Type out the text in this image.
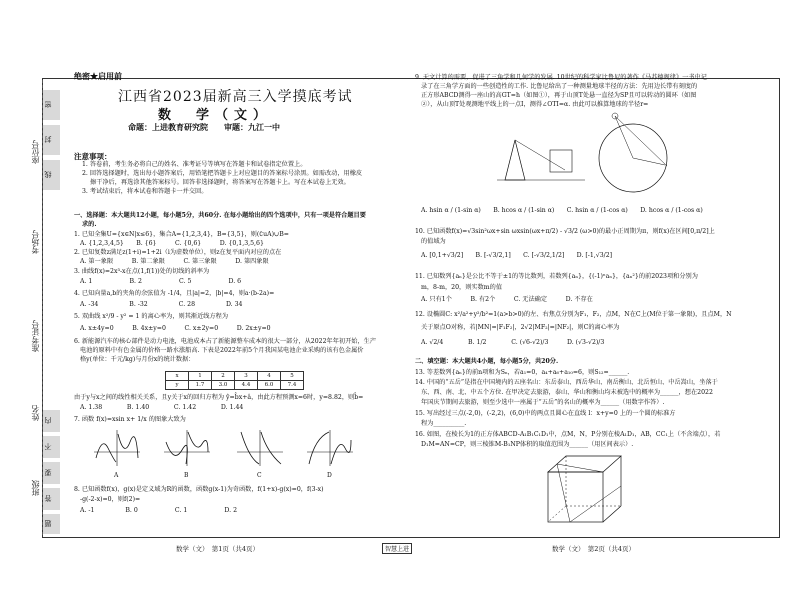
座位号
考场号
准考证号
姓名
班级
密
封
线
内
不
要
答
题
绝密★启用前
江西省2023届新高三入学摸底考试
数　学（文）
命题：上进教育研究院　　审题：九江一中
注意事项：

1. 答卷前，考生务必将自己的姓名、准考证号等填写在答题卡和试卷指定位置上。

2. 回答选择题时，选出每小题答案后，用铅笔把答题卡上对应题目的答案标号涂黑。如需改动，用橡皮

擦干净后，再选涂其他答案标号。回答非选择题时，将答案写在答题卡上。写在本试卷上无效。

3. 考试结束后，将本试卷和答题卡一并交回。

一、选择题：本大题共12小题，每小题5分，共60分. 在每小题给出的四个选项中，只有一项是符合题目要
求的.
1. 已知全集U={x∈N|x≤6}，集合A={1,2,3,4}，B={3,5}，则(∁uA)∪B=
A. {1,2,3,4,5}　　B. {6}　　　C. {0,6}　　　D. {0,1,3,5,6}
2. 已知复数z满足z(1+i)=1+2i（i为虚数单位），则z在复平面内对应的点在
A. 第一象限　　　B. 第二象限　　　C. 第三象限　　　D. 第四象限
3. 曲线f(x)=2x³-x在点(1,f(1))处的切线的斜率为
A. 1　　　　　　B. 2　　　　　　C. 5　　　　　　D. 6
4. 已知向量a,b的夹角的余弦值为 -1/4，且|a|=2，|b|=4，则a·(b-2a)=
A. -34　　　　　B. -32　　　　　C. 28　　　　　D. 34
5. 双曲线 x²/9 - y² = 1 的离心率为，则其渐近线方程为
A. x±4y=0　　　B. 4x±y=0　　　C. x±2y=0　　　D. 2x±y=0
6. 新能源汽车的核心部件是动力电池，电池成本占了新能源整车成本的很大一部分，从2022年年初开始，生产
电池的原料中有色金属的价格一路水涨船高. 下表是2022年前5个月我国某电池企业采购的该有色金属价
格y(单位：千元/kg)与月份x的统计数据：
x	1	2	3	4	5
y	1.7	3.0	4.4	6.0	7.4
由于y与x之间的线性相关关系，且y关于x的回归方程为 ŷ=b̂x+â，由此方程预测x=6时，y=8.82，则b̂=
A. 1.38　　　　B. 1.40　　　　C. 1.42　　　　D. 1.44
7. 函数 f(x)=xsin x+ 1/x 的图象大致为
A	B	C	D
8. 已知函数f(x)，g(x)是定义域为R的函数，函数g(x-1)为奇函数，f(1+x)-g(x)=0，f(3-x)
-g(-2-x)=0，则f(2)=
A. -1　　　　　B. 0　　　　　　C. 1　　　　　　D. 2
9. 天文计算的需要，促进了三角学和几何学的发展. 10世纪的科学家比鲁尼的著作《马苏德规律》一书中记
录了在三角学方面的一些创造性的工作. 比鲁尼给出了一种测量地球半径的方法：先用边长带有刻度的
正方形ABCD测得一座山的高GT=h（如图①），再于山顶T处悬一直径为SP且可以转动的圆环（如图
②），从山顶T处观测地平线上的一点I，测得∠OTI=α. 由此可以推算地球的半径r=
A. hsin α / (1-sin α)　　B. hcos α / (1-sin α)　　C. hsin α / (1-cos α)　　D. hcos α / (1-cos α)
10. 已知函数f(x)=√3sin²ωx+sin ωxsin(ωx+π/2) - √3/2 (ω>0)的最小正周期为π，则f(x)在区间[0,π/2]上
的值域为
A. [0,1+√3/2]　　B. [-√3/2,1]　　C. [-√3/2,1/2]　　D. [-1,√3/2]
11. 已知数列{aₙ}是公比不等于±1的等比数列，若数列{aₙ}，{(-1)ⁿaₙ}，{aₙ²}的前2023项和分别为
m，8-m，20，则实数m的值
A. 只有1个　　　B. 有2个　　　C. 无法确定　　　D. 不存在
12. 设椭圆C: x²/a²+y²/b²=1(a>b>0)的左、右焦点分别为F₁，F₂，点M，N在C上(M位于第一象限)，且点M，N
关于原点O对称，若|MN|=|F₁F₂|，2√2|MF₂|=|NF₂|，则C的离心率为
A. √2/4　　　　B. 1/2　　　　C. (√6-√2)/3　　　D. (√3-√2)/3
二、填空题：本大题共4小题，每小题5分，共20分.
13. 等差数列{aₙ}的前n项和为Sₙ，若a₁=0，a₄+a₆+a₁₀=6，则S₁₂=______.
14. 中国的“五岳”是指在中国境内的五座名山：东岳泰山、西岳华山、南岳衡山、北岳恒山、中岳嵩山，坐落于
东、西、南、北、中五个方位. 在甲决定去旅游，泰山、华山和衡山均未被选中的概率为______，想在2022
年国庆节期间去旅游，则至少选中一座属于“五岳”的名山的概率为______（用数字作答）.
15. 写出经过三点(-2,0)，(-2,2)，(6,0)中的两点且圆心在直线 l：x+y=0 上的一个圆的标准方
程为__________.
16. 如图，在棱长为1的正方体ABCD-A₁B₁C₁D₁中，点M，N，P分别在棱A₁D₁，AB，CC₁上（不含端点），若
D₁M=AN=CP，则三棱锥M-B₁NP体积的取值范围为______（用区间表示）.
数学（文）　第1页（共4页）	智慧上进	数学（文）　第2页（共4页）
